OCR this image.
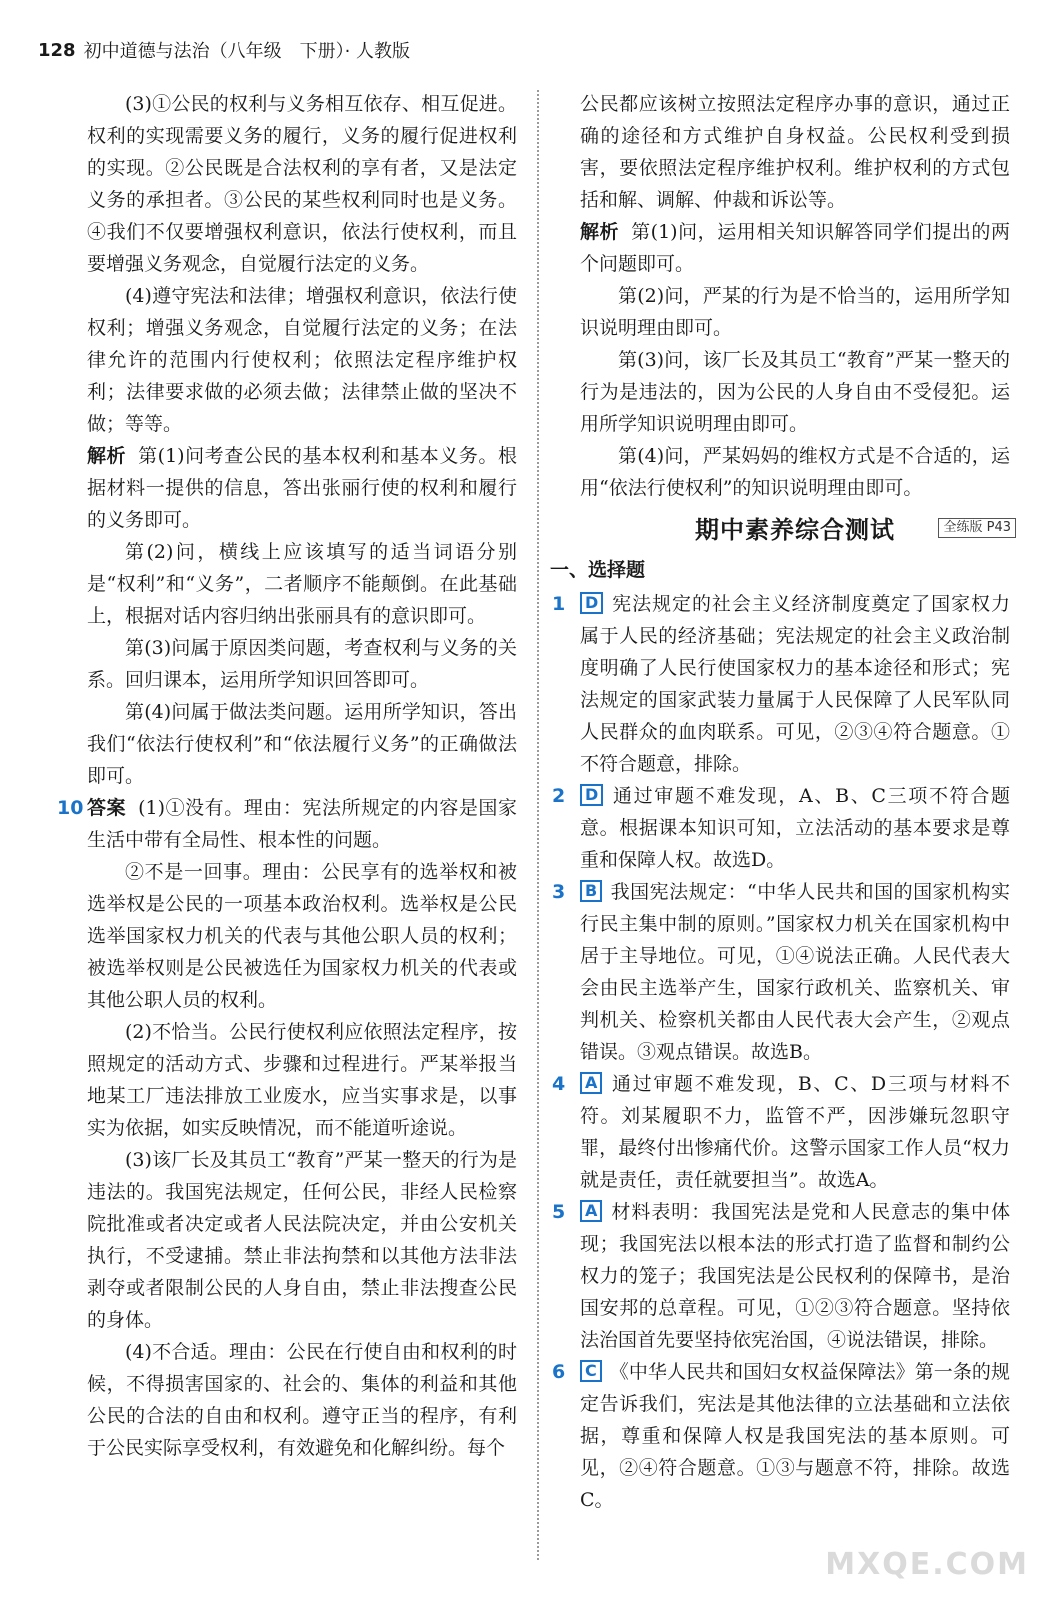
128 初中道德与法治（八年级　下册）· 人教版

(3)①公民的权利与义务相互依存、相互促进。权利的实现需要义务的履行，义务的履行促进权利的实现。②公民既是合法权利的享有者，又是法定义务的承担者。③公民的某些权利同时也是义务。④我们不仅要增强权利意识，依法行使权利，而且要增强义务观念，自觉履行法定的义务。

(4)遵守宪法和法律；增强权利意识，依法行使权利；增强义务观念，自觉履行法定的义务；在法律允许的范围内行使权利；依照法定程序维护权利；法律要求做的必须去做；法律禁止做的坚决不做；等等。

解析 第(1)问考查公民的基本权利和基本义务。根据材料一提供的信息，答出张丽行使的权利和履行的义务即可。

第(2)问，横线上应该填写的适当词语分别是“权利”和“义务”，二者顺序不能颠倒。在此基础上，根据对话内容归纳出张丽具有的意识即可。

第(3)问属于原因类问题，考查权利与义务的关系。回归课本，运用所学知识回答即可。

第(4)问属于做法类问题。运用所学知识，答出我们“依法行使权利”和“依法履行义务”的正确做法即可。

10 答案 (1)①没有。理由：宪法所规定的内容是国家生活中带有全局性、根本性的问题。

②不是一回事。理由：公民享有的选举权和被选举权是公民的一项基本政治权利。选举权是公民选举国家权力机关的代表与其他公职人员的权利；被选举权则是公民被选任为国家权力机关的代表或其他公职人员的权利。

(2)不恰当。公民行使权利应依照法定程序，按照规定的活动方式、步骤和过程进行。严某举报当地某工厂违法排放工业废水，应当实事求是，以事实为依据，如实反映情况，而不能道听途说。

(3)该厂长及其员工“教育”严某一整天的行为是违法的。我国宪法规定，任何公民，非经人民检察院批准或者决定或者人民法院决定，并由公安机关执行，不受逮捕。禁止非法拘禁和以其他方法非法剥夺或者限制公民的人身自由，禁止非法搜查公民的身体。

(4)不合适。理由：公民在行使自由和权利的时候，不得损害国家的、社会的、集体的利益和其他公民的合法的自由和权利。遵守正当的程序，有利于公民实际享受权利，有效避免和化解纠纷。每个

公民都应该树立按照法定程序办事的意识，通过正确的途径和方式维护自身权益。公民权利受到损害，要依照法定程序维护权利。维护权利的方式包括和解、调解、仲裁和诉讼等。

解析 第(1)问，运用相关知识解答同学们提出的两个问题即可。

第(2)问，严某的行为是不恰当的，运用所学知识说明理由即可。

第(3)问，该厂长及其员工“教育”严某一整天的行为是违法的，因为公民的人身自由不受侵犯。运用所学知识说明理由即可。

第(4)问，严某妈妈的维权方式是不合适的，运用“依法行使权利”的知识说明理由即可。

期中素养综合测试	全练版 P43
一、选择题
1	D 宪法规定的社会主义经济制度奠定了国家权力属于人民的经济基础；宪法规定的社会主义政治制度明确了人民行使国家权力的基本途径和形式；宪法规定的国家武装力量属于人民保障了人民军队同人民群众的血肉联系。可见，②③④符合题意。①不符合题意，排除。

2	D 通过审题不难发现，A、B、C三项不符合题意。根据课本知识可知，立法活动的基本要求是尊重和保障人权。故选D。

3	B 我国宪法规定：“中华人民共和国的国家机构实行民主集中制的原则。”国家权力机关在国家机构中居于主导地位。可见，①④说法正确。人民代表大会由民主选举产生，国家行政机关、监察机关、审判机关、检察机关都由人民代表大会产生，②观点错误。③观点错误。故选B。

4	A 通过审题不难发现，B、C、D三项与材料不符。刘某履职不力，监管不严，因涉嫌玩忽职守罪，最终付出惨痛代价。这警示国家工作人员“权力就是责任，责任就要担当”。故选A。

5	A 材料表明：我国宪法是党和人民意志的集中体现；我国宪法以根本法的形式打造了监督和制约公权力的笼子；我国宪法是公民权利的保障书，是治国安邦的总章程。可见，①②③符合题意。坚持依法治国首先要坚持依宪治国，④说法错误，排除。

6	C 《中华人民共和国妇女权益保障法》第一条的规定告诉我们，宪法是其他法律的立法基础和立法依据，尊重和保障人权是我国宪法的基本原则。可见，②④符合题意。①③与题意不符，排除。故选C。

MXQE.COM
